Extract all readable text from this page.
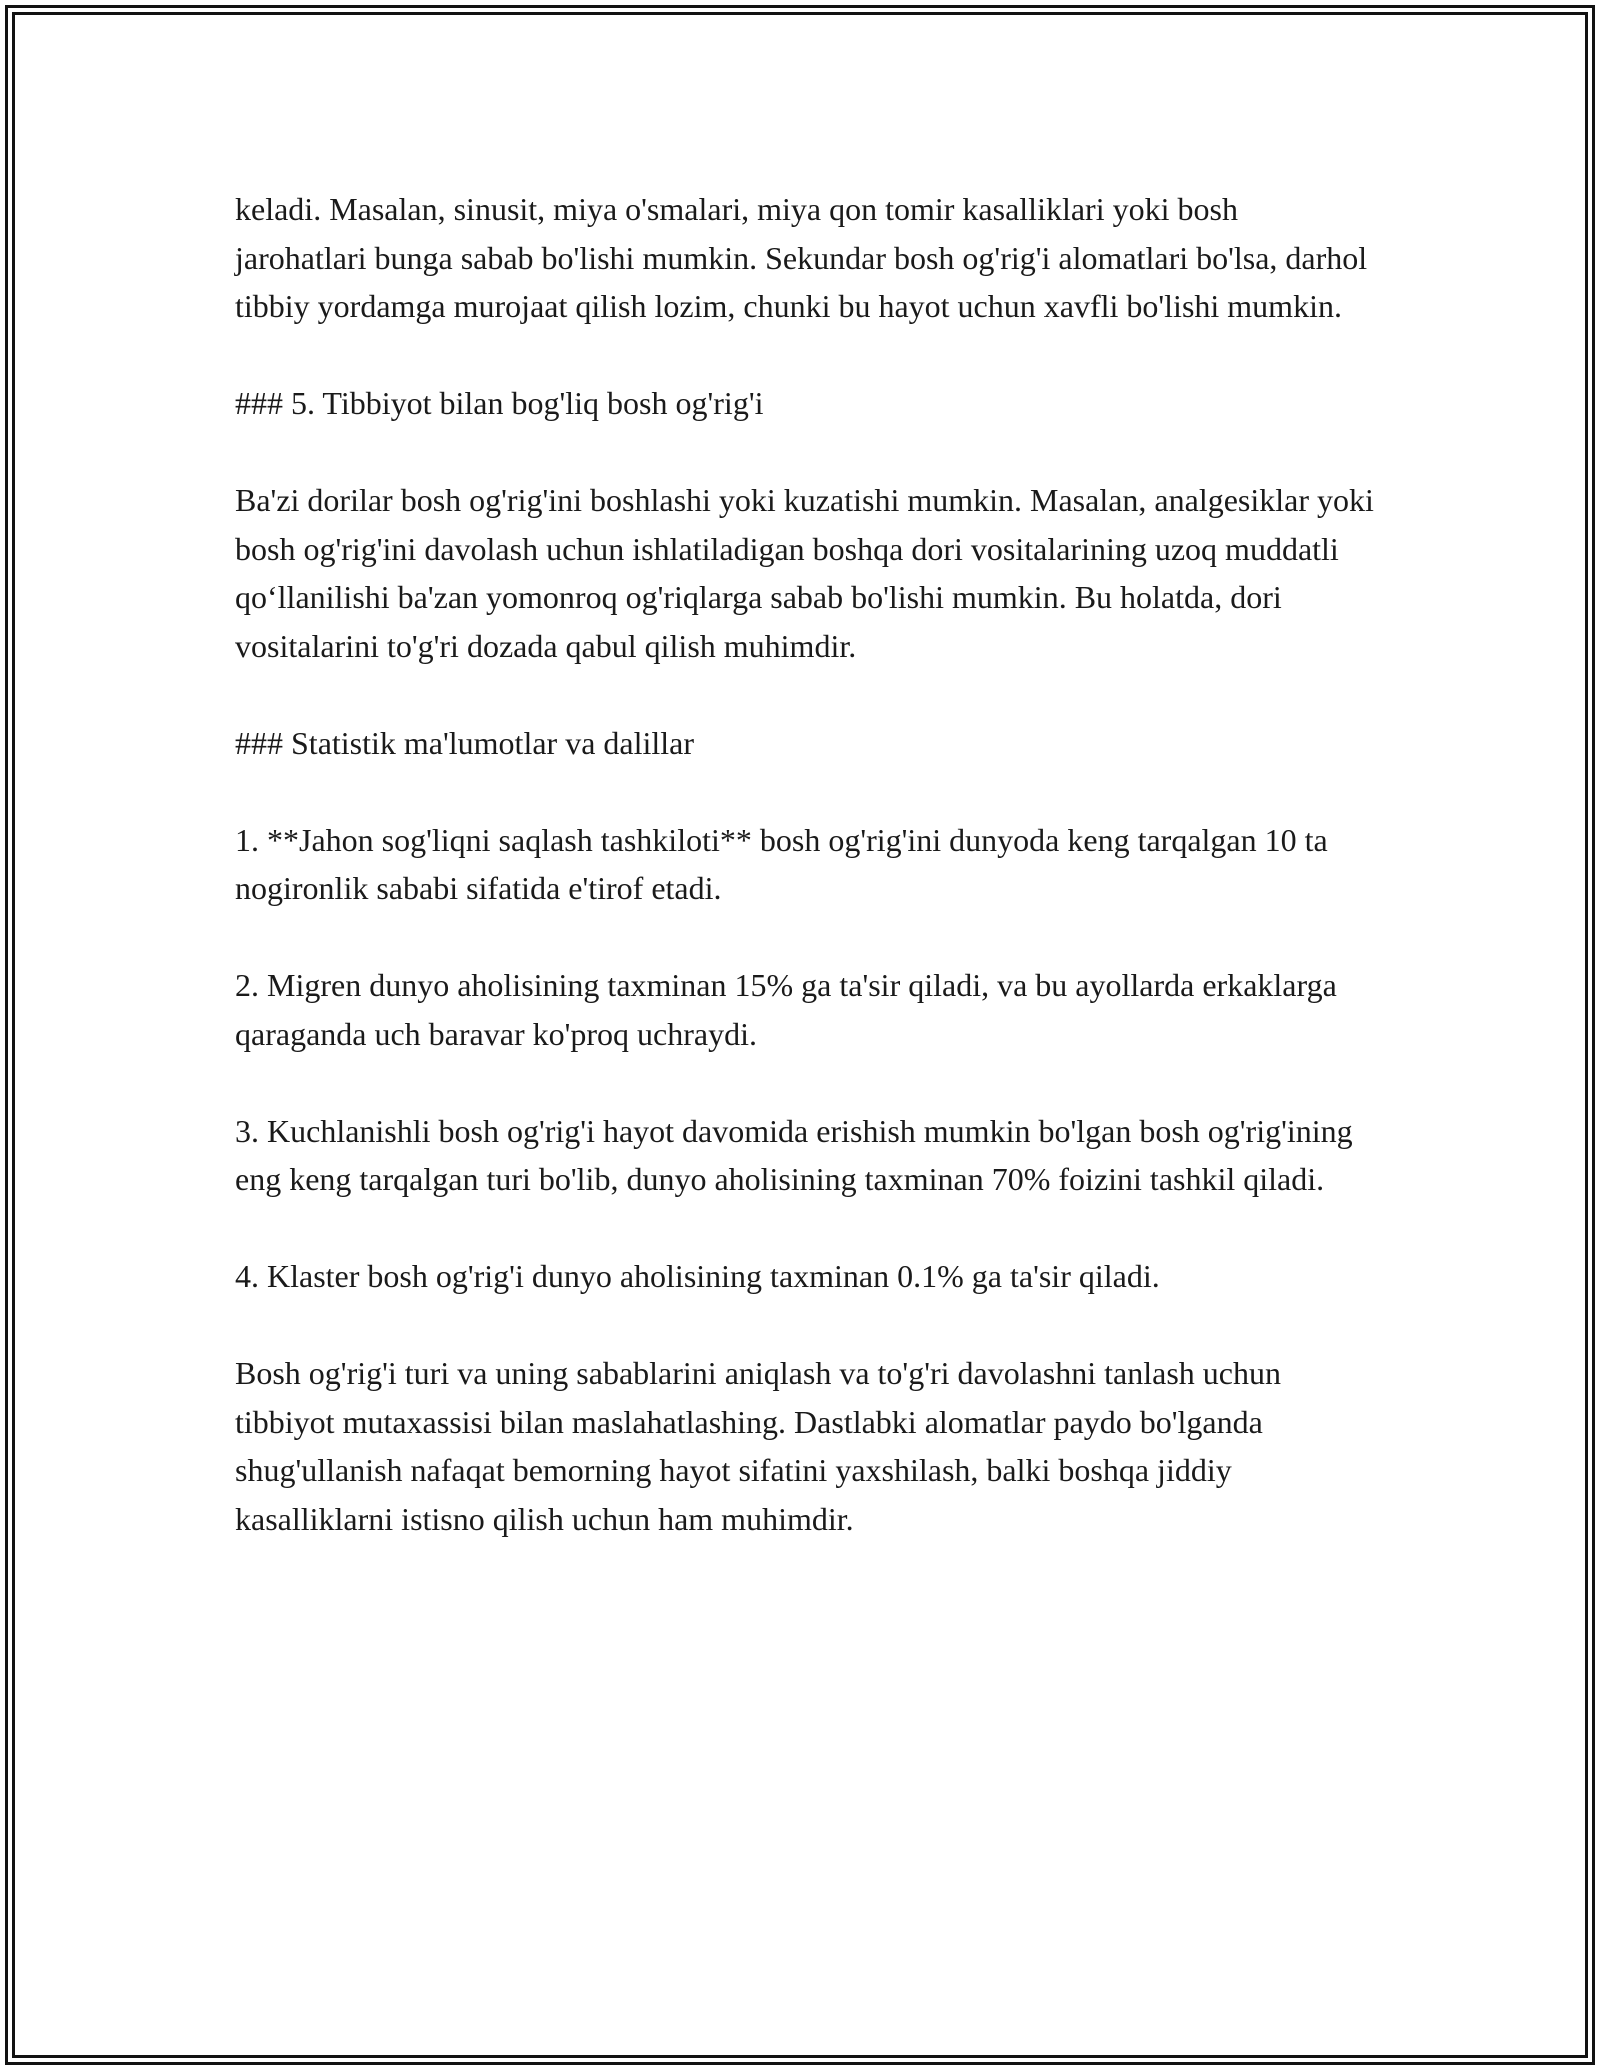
keladi. Masalan, sinusit, miya o'smalari, miya qon tomir kasalliklari yoki bosh jarohatlari bunga sabab bo'lishi mumkin. Sekundar bosh og'rig'i alomatlari bo'lsa, darhol tibbiy yordamga murojaat qilish lozim, chunki bu hayot uchun xavfli bo'lishi mumkin.

### 5. Tibbiyot bilan bog'liq bosh og'rig'i

Ba'zi dorilar bosh og'rig'ini boshlashi yoki kuzatishi mumkin. Masalan, analgesiklar yoki bosh og'rig'ini davolash uchun ishlatiladigan boshqa dori vositalarining uzoq muddatli qo‘llanilishi ba'zan yomonroq og'riqlarga sabab bo'lishi mumkin. Bu holatda, dori vositalarini to'g'ri dozada qabul qilish muhimdir.

### Statistik ma'lumotlar va dalillar

1. **Jahon sog'liqni saqlash tashkiloti** bosh og'rig'ini dunyoda keng tarqalgan 10 ta nogironlik sababi sifatida e'tirof etadi.

2. Migren dunyo aholisining taxminan 15% ga ta'sir qiladi, va bu ayollarda erkaklarga qaraganda uch baravar ko'proq uchraydi.

3. Kuchlanishli bosh og'rig'i hayot davomida erishish mumkin bo'lgan bosh og'rig'ining eng keng tarqalgan turi bo'lib, dunyo aholisining taxminan 70% foizini tashkil qiladi.

4. Klaster bosh og'rig'i dunyo aholisining taxminan 0.1% ga ta'sir qiladi.

Bosh og'rig'i turi va uning sabablarini aniqlash va to'g'ri davolashni tanlash uchun tibbiyot mutaxassisi bilan maslahatlashing. Dastlabki alomatlar paydo bo'lganda shug'ullanish nafaqat bemorning hayot sifatini yaxshilash, balki boshqa jiddiy kasalliklarni istisno qilish uchun ham muhimdir.
